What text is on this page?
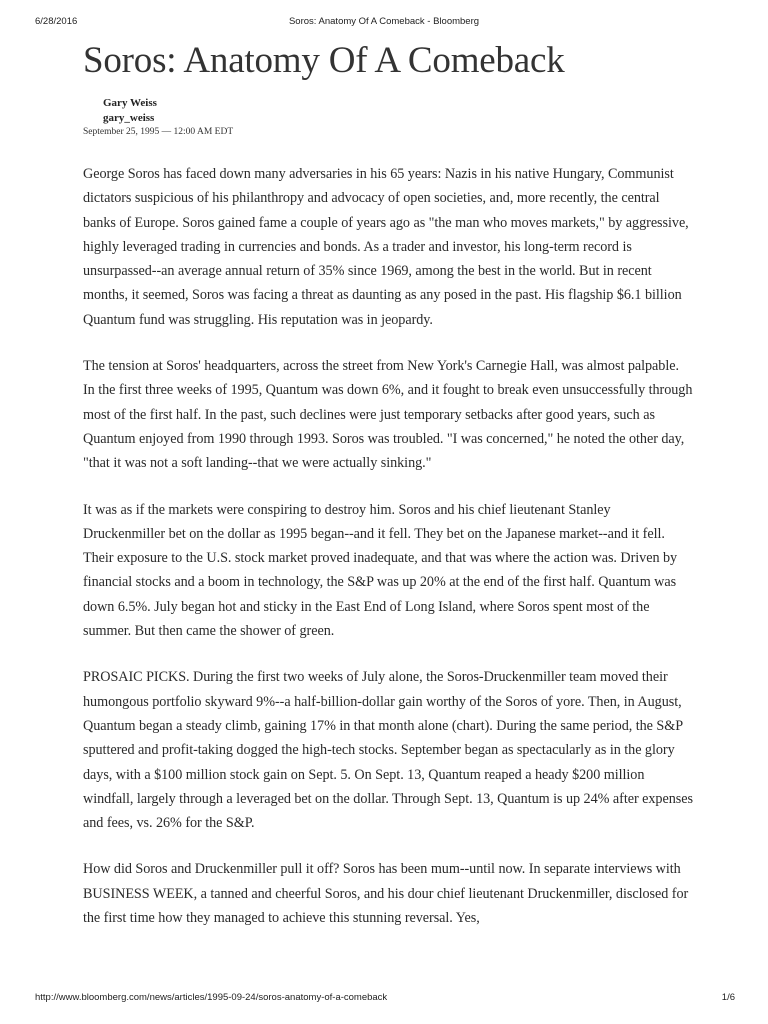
6/28/2016	Soros: Anatomy Of A Comeback - Bloomberg
Soros: Anatomy Of A Comeback
Gary Weiss
gary_weiss
September 25, 1995 — 12:00 AM EDT

George Soros has faced down many adversaries in his 65 years: Nazis in his native Hungary, Communist dictators suspicious of his philanthropy and advocacy of open societies, and, more recently, the central banks of Europe. Soros gained fame a couple of years ago as "the man who moves markets," by aggressive, highly leveraged trading in currencies and bonds. As a trader and investor, his long-term record is unsurpassed--an average annual return of 35% since 1969, among the best in the world. But in recent months, it seemed, Soros was facing a threat as daunting as any posed in the past. His flagship $6.1 billion Quantum fund was struggling. His reputation was in jeopardy.

The tension at Soros' headquarters, across the street from New York's Carnegie Hall, was almost palpable. In the first three weeks of 1995, Quantum was down 6%, and it fought to break even unsuccessfully through most of the first half. In the past, such declines were just temporary setbacks after good years, such as Quantum enjoyed from 1990 through 1993. Soros was troubled. "I was concerned," he noted the other day, "that it was not a soft landing--that we were actually sinking."

It was as if the markets were conspiring to destroy him. Soros and his chief lieutenant Stanley Druckenmiller bet on the dollar as 1995 began--and it fell. They bet on the Japanese market--and it fell. Their exposure to the U.S. stock market proved inadequate, and that was where the action was. Driven by financial stocks and a boom in technology, the S&P was up 20% at the end of the first half. Quantum was down 6.5%. July began hot and sticky in the East End of Long Island, where Soros spent most of the summer. But then came the shower of green.

PROSAIC PICKS. During the first two weeks of July alone, the Soros-Druckenmiller team moved their humongous portfolio skyward 9%--a half-billion-dollar gain worthy of the Soros of yore. Then, in August, Quantum began a steady climb, gaining 17% in that month alone (chart). During the same period, the S&P sputtered and profit-taking dogged the high-tech stocks. September began as spectacularly as in the glory days, with a $100 million stock gain on Sept. 5. On Sept. 13, Quantum reaped a heady $200 million windfall, largely through a leveraged bet on the dollar. Through Sept. 13, Quantum is up 24% after expenses and fees, vs. 26% for the S&P.

How did Soros and Druckenmiller pull it off? Soros has been mum--until now. In separate interviews with BUSINESS WEEK, a tanned and cheerful Soros, and his dour chief lieutenant Druckenmiller, disclosed for the first time how they managed to achieve this stunning reversal. Yes,

http://www.bloomberg.com/news/articles/1995-09-24/soros-anatomy-of-a-comeback	1/6
